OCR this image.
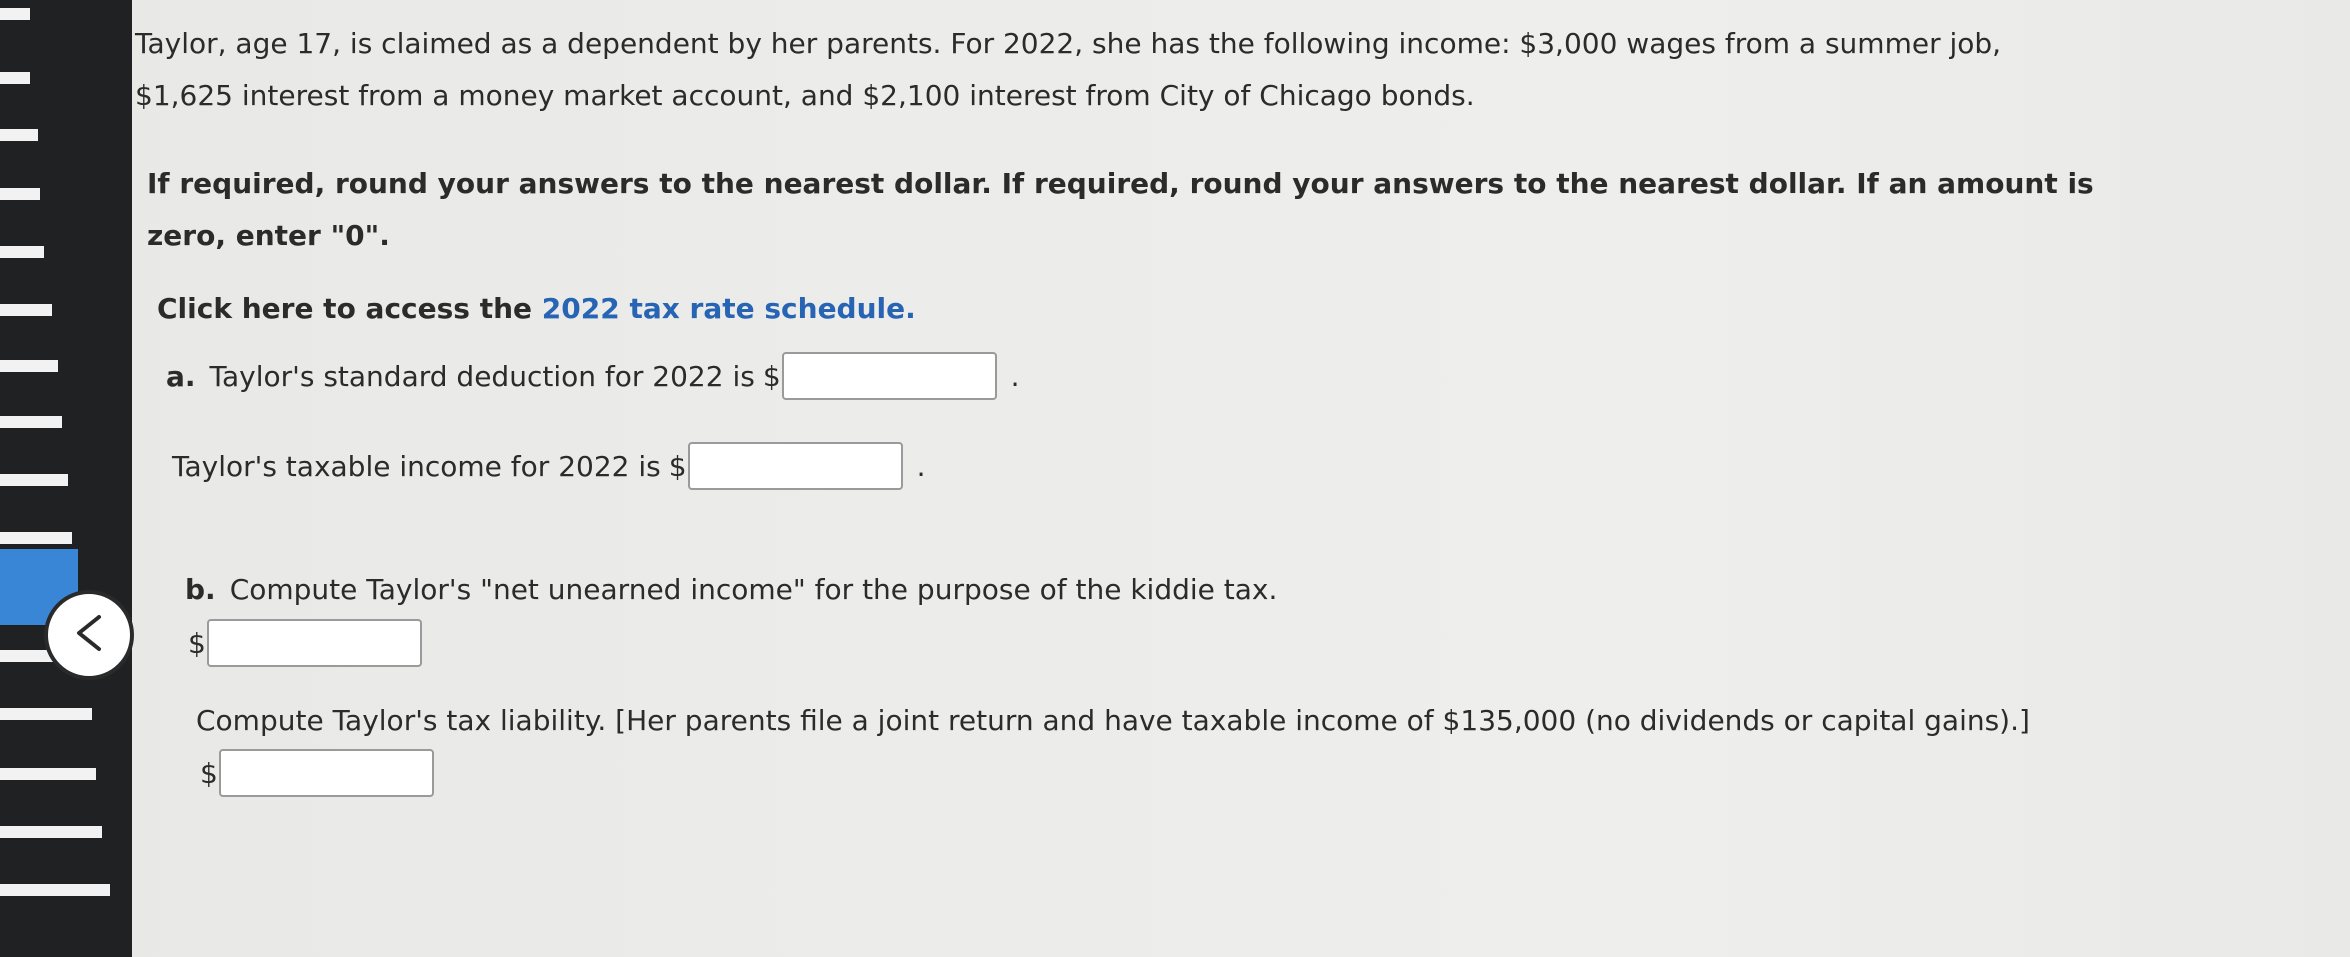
Taylor, age 17, is claimed as a dependent by her parents. For 2022, she has the following income: $3,000 wages from a summer job, $1,625 interest from a money market account, and $2,100 interest from City of Chicago bonds.

If required, round your answers to the nearest dollar. If required, round your answers to the nearest dollar. If an amount is zero, enter "0".

Click here to access the 2022 tax rate schedule.
a. Taylor's standard deduction for 2022 is $	.
Taylor's taxable income for 2022 is $	.
b. Compute Taylor's "net unearned income" for the purpose of the kiddie tax.
$
Compute Taylor's tax liability. [Her parents file a joint return and have taxable income of $135,000 (no dividends or capital gains).]
$
